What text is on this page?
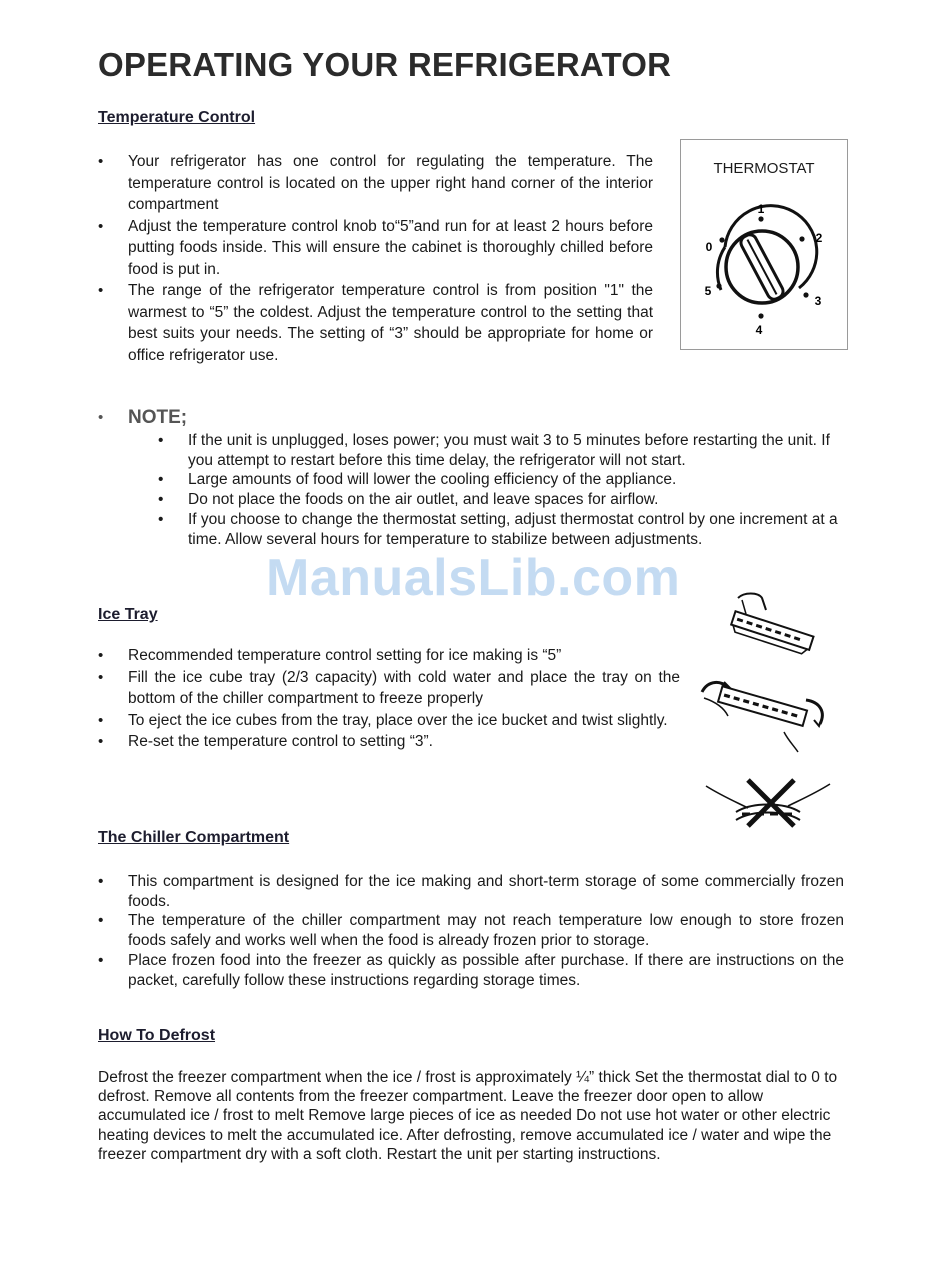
OPERATING YOUR REFRIGERATOR
Temperature Control
• Your refrigerator has one control for regulating the temperature. The temperature control is located on the upper right hand corner of the interior compartment
• Adjust the temperature control knob to“5”and run for at least 2 hours before putting foods inside. This will ensure the cabinet is thoroughly chilled before food is put in.
• The range of the refrigerator temperature control is from position "1" the warmest to “5” the coldest. Adjust the temperature control to the setting that best suits your needs. The setting of “3” should be appropriate for home or office refrigerator use.
THERMOSTAT
1
2
3
4
5
0
• NOTE;
• If the unit is unplugged, loses power; you must wait 3 to 5 minutes before restarting the unit. If you attempt to restart before this time delay, the refrigerator will not start.
• Large amounts of food will lower the cooling efficiency of the appliance.
• Do not place the foods on the air outlet, and leave spaces for airflow.
• If you choose to change the thermostat setting, adjust thermostat control by one increment at a time. Allow several hours for temperature to stabilize between adjustments.
ManualsLib.com
Ice Tray
• Recommended temperature control setting for ice making is “5”
• Fill the ice cube tray (2/3 capacity) with cold water and place the tray on the bottom of the chiller compartment to freeze properly
• To eject the ice cubes from the tray, place over the ice bucket and twist slightly.
• Re-set the temperature control to setting “3”.
The Chiller Compartment
• This compartment is designed for the ice making and short-term storage of some commercially frozen foods.
• The temperature of the chiller compartment may not reach temperature low enough to store frozen foods safely and works well when the food is already frozen prior to storage.
• Place frozen food into the freezer as quickly as possible after purchase. If there are instructions on the packet, carefully follow these instructions regarding storage times.
How To Defrost

Defrost the freezer compartment when the ice / frost is approximately ¼” thick Set the thermostat dial to 0 to defrost. Remove all contents from the freezer compartment. Leave the freezer door open to allow accumulated ice / frost to melt Remove large pieces of ice as needed Do not use hot water or other electric heating devices to melt the accumulated ice. After defrosting, remove accumulated ice / water and wipe the freezer compartment dry with a soft cloth. Restart the unit per starting instructions.
